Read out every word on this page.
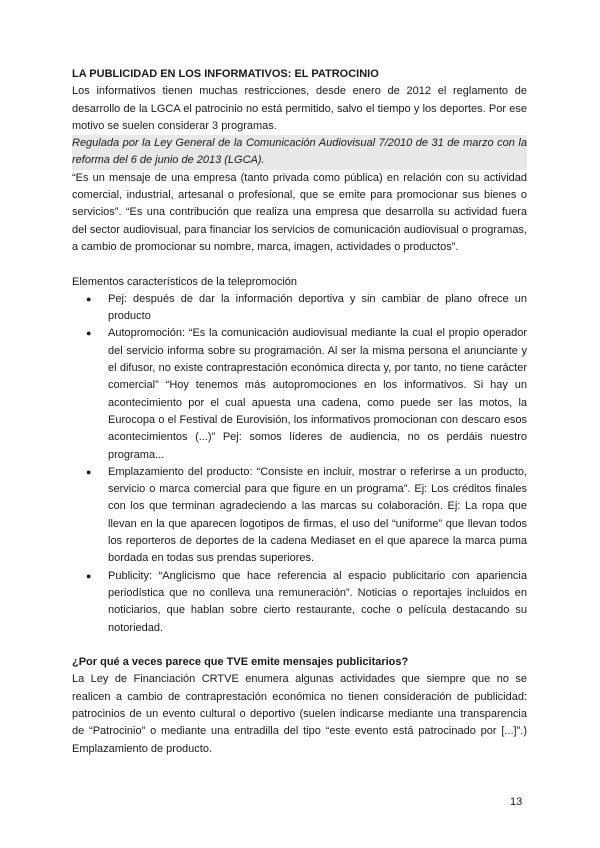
LA PUBLICIDAD EN LOS INFORMATIVOS: EL PATROCINIO

Los informativos tienen muchas restricciones, desde enero de 2012 el reglamento de desarrollo de la LGCA el patrocinio no está permitido, salvo el tiempo y los deportes. Por ese motivo se suelen considerar 3 programas.

Regulada por la Ley General de la Comunicación Audiovisual 7/2010 de 31 de marzo con la reforma del 6 de junio de 2013 (LGCA).

“Es un mensaje de una empresa (tanto privada como pública) en relación con su actividad comercial, industrial, artesanal o profesional, que se emite para promocionar sus bienes o servicios”. “Es una contribución que realiza una empresa que desarrolla su actividad fuera del sector audiovisual, para financiar los servicios de comunicación audiovisual o programas, a cambio de promocionar su nombre, marca, imagen, actividades o productos”.

Elementos característicos de la telepromoción

● Pej: después de dar la información deportiva y sin cambiar de plano ofrece un producto
● Autopromoción: “Es la comunicación audiovisual mediante la cual el propio operador del servicio informa sobre su programación. Al ser la misma persona el anunciante y el difusor, no existe contraprestación económica directa y, por tanto, no tiene carácter comercial” “Hoy tenemos más autopromociones en los informativos. Si hay un acontecimiento por el cual apuesta una cadena, como puede ser las motos, la Eurocopa o el Festival de Eurovisión, los informativos promocionan con descaro esos acontecimientos (...)” Pej: somos líderes de audiencia, no os perdáis nuestro programa...
● Emplazamiento del producto: “Consiste en incluir, mostrar o referirse a un producto, servicio o marca comercial para que figure en un programa”. Ej: Los créditos finales con los que terminan agradeciendo a las marcas su colaboración. Ej: La ropa que llevan en la que aparecen logotipos de firmas, el uso del “uniforme” que llevan todos los reporteros de deportes de la cadena Mediaset en el que aparece la marca puma bordada en todas sus prendas superiores.
● Publicity: “Anglicismo que hace referencia al espacio publicitario con apariencia periodística que no conlleva una remuneración”. Noticias o reportajes incluidos en noticiarios, que hablan sobre cierto restaurante, coche o película destacando su notoriedad.

¿Por qué a veces parece que TVE emite mensajes publicitarios?

La Ley de Financiación CRTVE enumera algunas actividades que siempre que no se realicen a cambio de contraprestación económica no tienen consideración de publicidad: patrocinios de un evento cultural o deportivo (suelen indicarse mediante una transparencia de “Patrocinio” o mediante una entradilla del tipo “este evento está patrocinado por [...]”.) Emplazamiento de producto.

13
